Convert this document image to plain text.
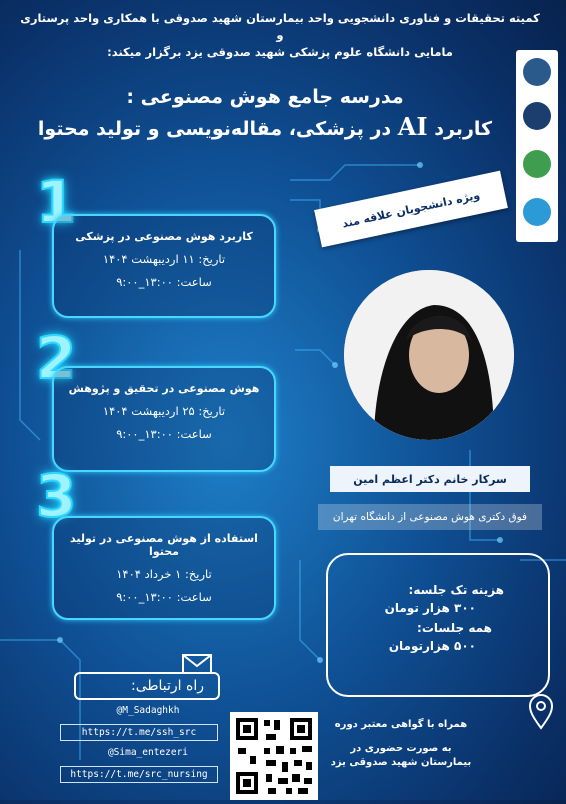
کمیته تحقیقات و فناوری دانشجویی واحد بیمارستان شهید صدوقی با همکاری واحد پرستاری و
مامایی دانشگاه علوم پزشکی شهید صدوقی یزد برگزار میکند:
مدرسه جامع هوش مصنوعی :
کاربرد AI در پزشکی، مقاله‌نویسی و تولید محتوا
ویژه دانشجویان علاقه مند
1
کاربرد هوش مصنوعی در پزشکی
تاریخ: ۱۱ اردیبهشت ۱۴۰۴
ساعت: ۱۳:۰۰_۹:۰۰
2
هوش مصنوعی در تحقیق و پژوهش
تاریخ: ۲۵ اردیبهشت ۱۴۰۴
ساعت: ۱۳:۰۰_۹:۰۰
3
استفاده از هوش مصنوعی در تولید محتوا
تاریخ: ۱ خرداد ۱۴۰۴
ساعت: ۱۳:۰۰_۹:۰۰
سرکار خانم دکتر اعظم امین
فوق دکتری هوش مصنوعی از دانشگاه تهران
هزینه تک جلسه:
۳۰۰ هزار تومان
همه جلسات:
۵۰۰ هزارتومان
راه ارتباطی:
@M_Sadaghkh
https://t.me/ssh_src
@Sima_entezeri
https://t.me/src_nursing
همراه با گواهی معتبر دوره
به صورت حضوری در بیمارستان شهید صدوقی یزد
